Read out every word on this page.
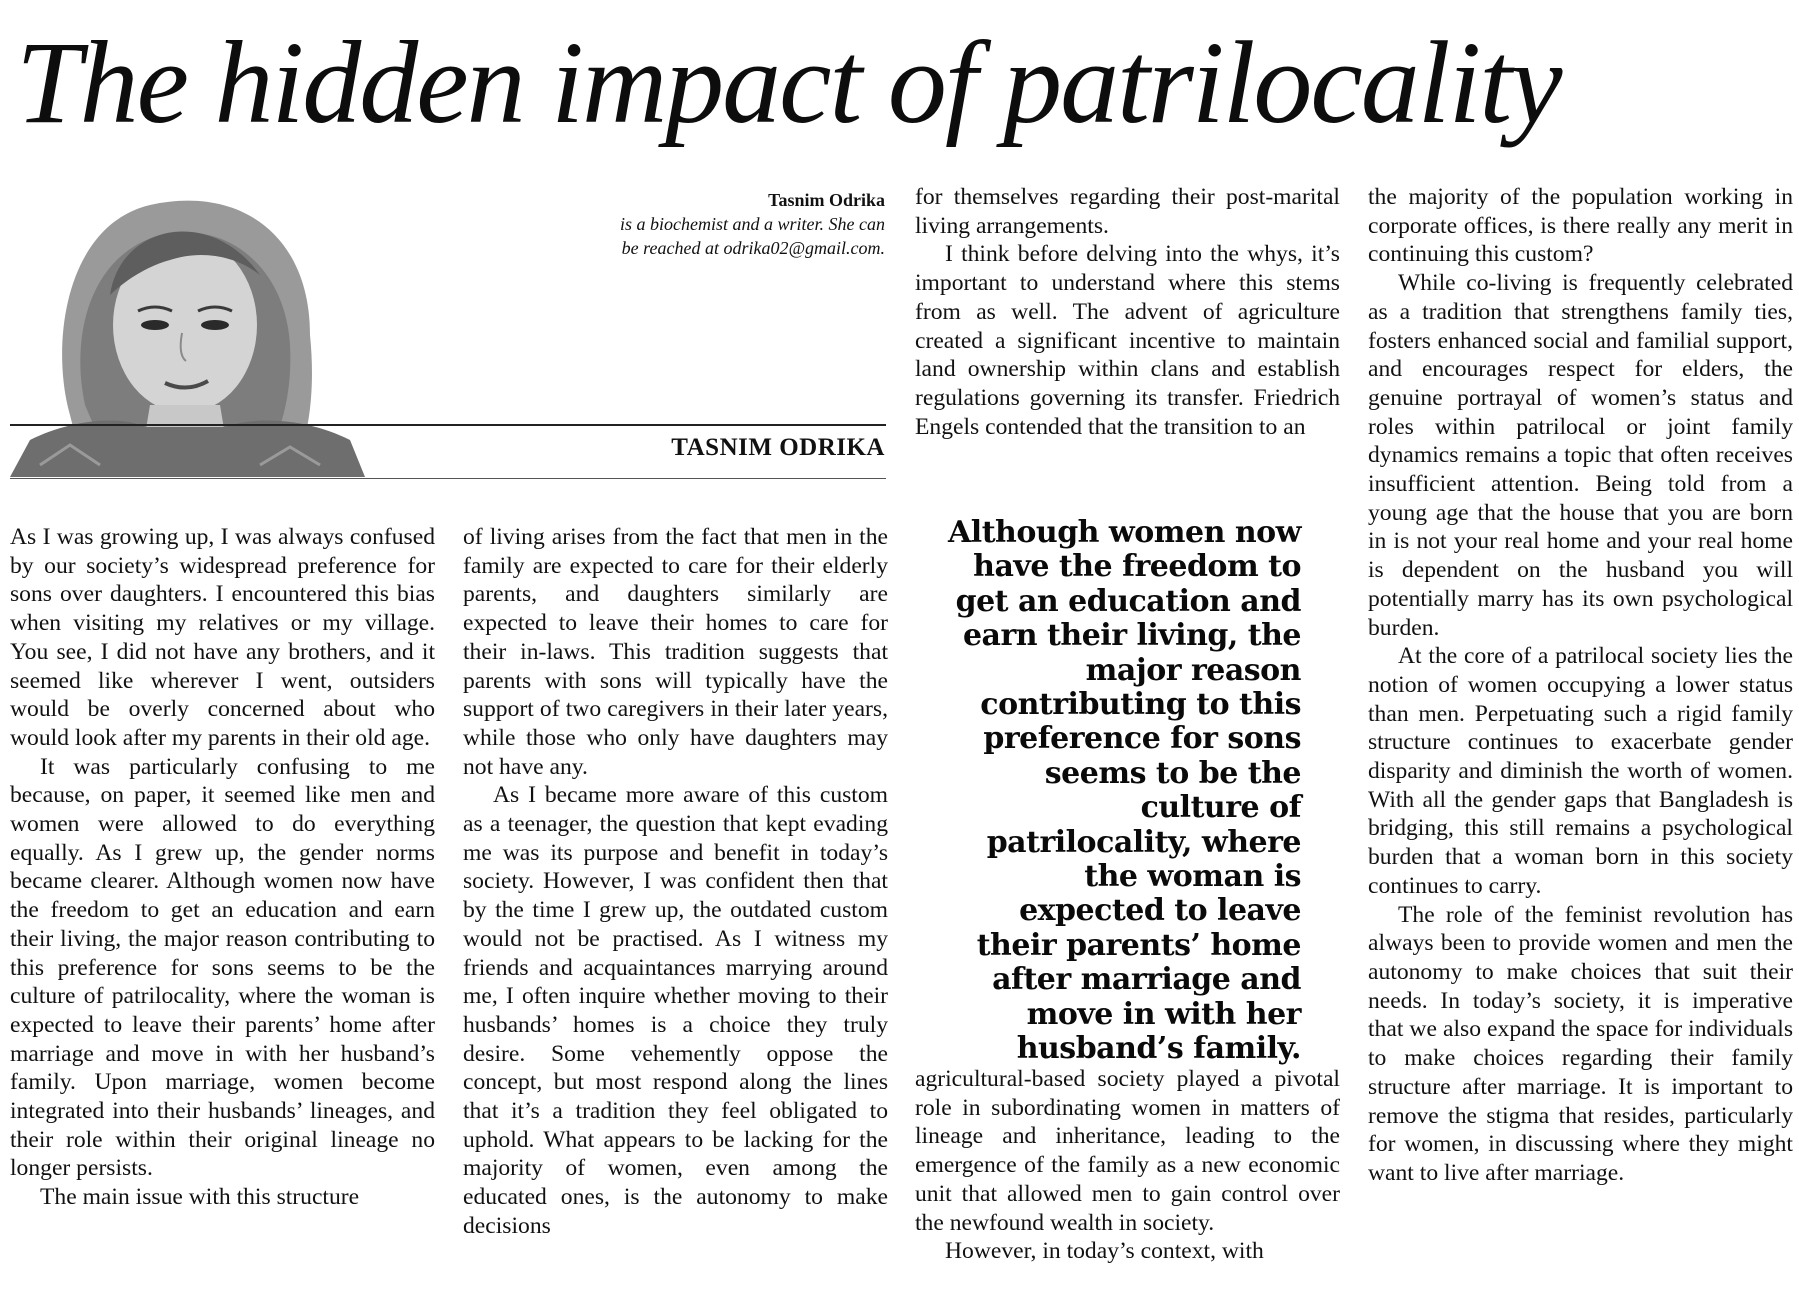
The hidden impact of patrilocality
Tasnim Odrika
is a biochemist and a writer. She can
be reached at odrika02@gmail.com.
TASNIM ODRIKA

As I was growing up, I was always confused by our society’s widespread preference for sons over daughters. I encountered this bias when visiting my relatives or my village. You see, I did not have any brothers, and it seemed like wherever I went, outsiders would be overly concerned about who would look after my parents in their old age.

It was particularly confusing to me because, on paper, it seemed like men and women were allowed to do everything equally. As I grew up, the gender norms became clearer. Although women now have the freedom to get an education and earn their living, the major reason contributing to this preference for sons seems to be the culture of patrilocality, where the woman is expected to leave their parents’ home after marriage and move in with her husband’s family. Upon marriage, women become integrated into their husbands’ lineages, and their role within their original lineage no longer persists.

The main issue with this structure

of living arises from the fact that men in the family are expected to care for their elderly parents, and daughters similarly are expected to leave their homes to care for their in-laws. This tradition suggests that parents with sons will typically have the support of two caregivers in their later years, while those who only have daughters may not have any.

As I became more aware of this custom as a teenager, the question that kept evading me was its purpose and benefit in today’s society. However, I was confident then that by the time I grew up, the outdated custom would not be practised. As I witness my friends and acquaintances marrying around me, I often inquire whether moving to their husbands’ homes is a choice they truly desire. Some vehemently oppose the concept, but most respond along the lines that it’s a tradition they feel obligated to uphold. What appears to be lacking for the majority of women, even among the educated ones, is the autonomy to make decisions

for themselves regarding their post-marital living arrangements.

I think before delving into the whys, it’s important to understand where this stems from as well. The advent of agriculture created a significant incentive to maintain land ownership within clans and establish regulations governing its transfer. Friedrich Engels contended that the transition to an

Although women now have the freedom to get an education and earn their living, the major reason contributing to this preference for sons seems to be the culture of patrilocality, where the woman is expected to leave their parents’ home after marriage and move in with her husband’s family.

agricultural-based society played a pivotal role in subordinating women in matters of lineage and inheritance, leading to the emergence of the family as a new economic unit that allowed men to gain control over the newfound wealth in society.

However, in today’s context, with

the majority of the population working in corporate offices, is there really any merit in continuing this custom?

While co-living is frequently celebrated as a tradition that strengthens family ties, fosters enhanced social and familial support, and encourages respect for elders, the genuine portrayal of women’s status and roles within patrilocal or joint family dynamics remains a topic that often receives insufficient attention. Being told from a young age that the house that you are born in is not your real home and your real home is dependent on the husband you will potentially marry has its own psychological burden.

At the core of a patrilocal society lies the notion of women occupying a lower status than men. Perpetuating such a rigid family structure continues to exacerbate gender disparity and diminish the worth of women. With all the gender gaps that Bangladesh is bridging, this still remains a psychological burden that a woman born in this society continues to carry.

The role of the feminist revolution has always been to provide women and men the autonomy to make choices that suit their needs. In today’s society, it is imperative that we also expand the space for individuals to make choices regarding their family structure after marriage. It is important to remove the stigma that resides, particularly for women, in discussing where they might want to live after marriage.
